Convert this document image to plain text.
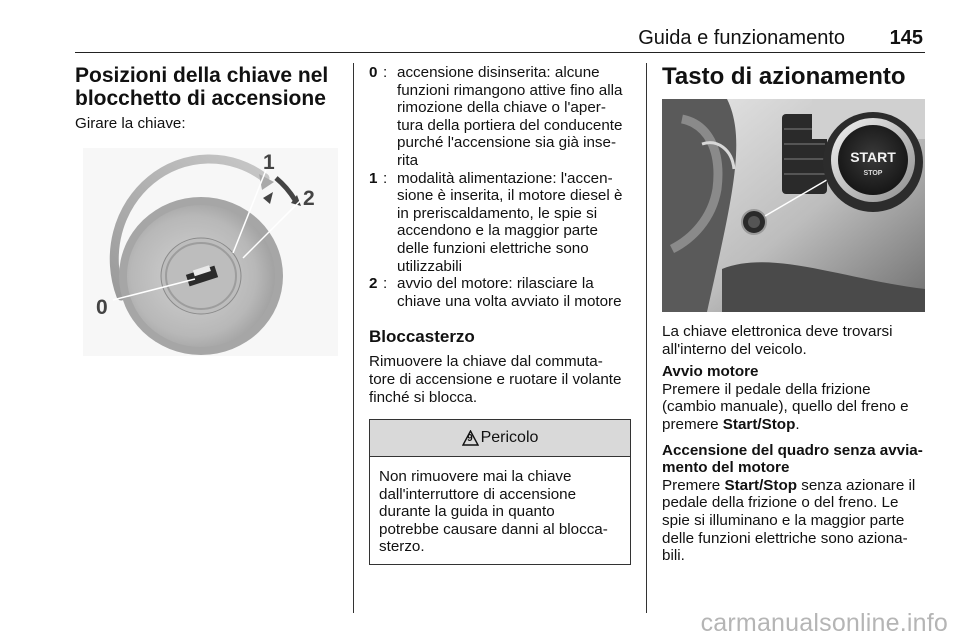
Guida e funzionamento 145
Posizioni della chiave nel
blocchetto di accensione

Girare la chiave:

0
1
2
0 : accensione disinserita: alcune
funzioni rimangono attive fino alla
rimozione della chiave o l'aper-
tura della portiera del conducente
purché l'accensione sia già inse-
rita
1 : modalità alimentazione: l'accen-
sione è inserita, il motore diesel è
in preriscaldamento, le spie si
accendono e la maggior parte
delle funzioni elettriche sono
utilizzabili
2 : avvio del motore: rilasciare la
chiave una volta avviato il motore
Bloccasterzo

Rimuovere la chiave dal commuta-
tore di accensione e ruotare il volante
finché si blocca.

9 Pericolo
Non rimuovere mai la chiave
dall'interruttore di accensione
durante la guida in quanto
potrebbe causare danni al blocca-
sterzo.
Tasto di azionamento
START
STOP

La chiave elettronica deve trovarsi
all'interno del veicolo.

Avvio motore

Premere il pedale della frizione
(cambio manuale), quello del freno e
premere Start/Stop.

Accensione del quadro senza avvia-
mento del motore

Premere Start/Stop senza azionare il
pedale della frizione o del freno. Le
spie si illuminano e la maggior parte
delle funzioni elettriche sono aziona-
bili.

carmanualsonline.info
